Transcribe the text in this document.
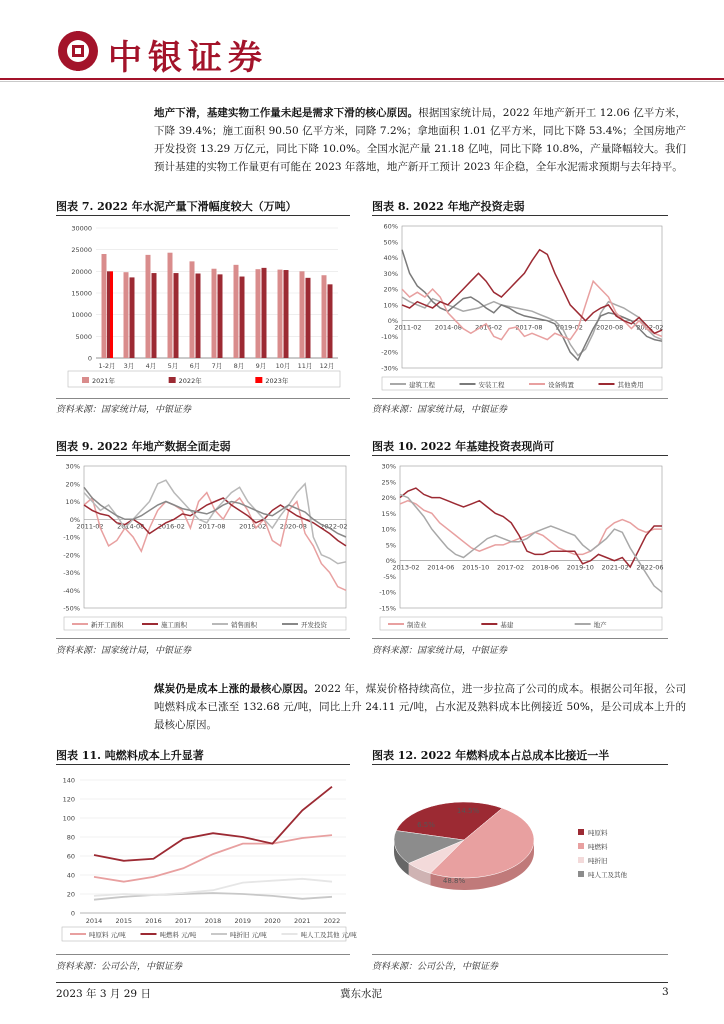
中银证券
地产下滑，基建实物工作量未起是需求下滑的核心原因。根据国家统计局，2022 年地产新开工 12.06 亿平方米，下降 39.4%；施工面积 90.50 亿平方米，同降 7.2%；拿地面积 1.01 亿平方米，同比下降 53.4%；全国房地产开发投资 13.29 万亿元，同比下降 10.0%。全国水泥产量 21.18 亿吨，同比下降 10.8%，产量降幅较大。我们预计基建的实物工作量更有可能在 2023 年落地，地产新开工预计 2023 年企稳，全年水泥需求预期与去年持平。
图表 7. 2022 年水泥产量下滑幅度较大（万吨）
0
5000
10000
15000
20000
25000
30000
1-2月 3月 4月 5月 6月 7月 8月 9月 10月 11月 12月
2021年	2022年	2023年
资料来源：国家统计局，中银证券
图表 8. 2022 年地产投资走弱
-30%
-20%
-10%
0%
10%
20%
30%
40%
50%
60%
2011-02 2014-08 2016-02 2017-08 2019-02 2020-08 2022-02
建筑工程	安装工程	设备购置	其他费用
资料来源：国家统计局，中银证券
图表 9. 2022 年地产数据全面走弱
-50%
-40%
-30%
-20%
-10%
0%
10%
20%
30%
2011-02 2014-08 2016-02 2017-08 2019-02 2020-08 2022-02
新开工面积	施工面积	销售面积	开发投资
资料来源：国家统计局，中银证券
图表 10. 2022 年基建投资表现尚可
-15%
-10%
-5%
0%
5%
10%
15%
20%
25%
30%
2013-02 2014-06 2015-10 2017-02 2018-06 2019-10 2021-02 2022-06
制造业	基建	地产
资料来源：国家统计局，中银证券
煤炭仍是成本上涨的最核心原因。2022 年，煤炭价格持续高位，进一步拉高了公司的成本。根据公司年报，公司吨燃料成本已涨至 132.68 元/吨，同比上升 24.11 元/吨，占水泥及熟料成本比例接近 50%，是公司成本上升的最核心原因。
图表 11. 吨燃料成本上升显著
0
20
40
60
80
100
120
140
2014 2015 2016 2017 2018 2019 2020 2021 2022
吨原料 元/吨	吨燃料 元/吨	吨折旧 元/吨	吨人工及其他 元/吨
资料来源：公司公告，中银证券
图表 12. 2022 年燃料成本占总成本比接近一半
48.8%
6.5%
14.5%
吨原料
吨燃料
吨折旧
吨人工及其他
资料来源：公司公告，中银证券
2023 年 3 月 29 日	冀东水泥	3
